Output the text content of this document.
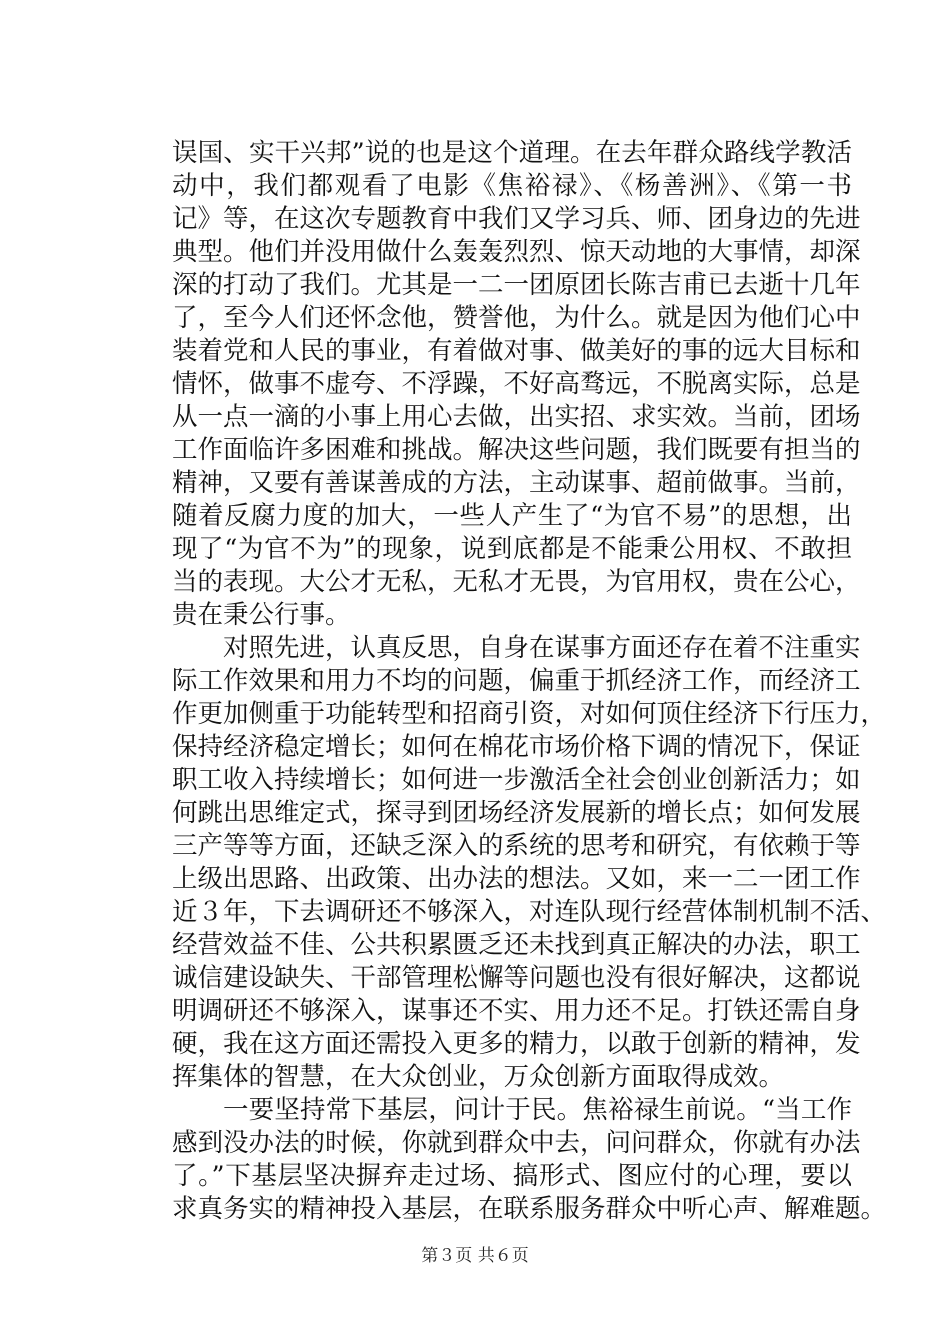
误国、实干兴邦”说的也是这个道理。在去年群众路线学教活
动中，我们都观看了电影《焦裕禄》、《杨善洲》、《第一书
记》等，在这次专题教育中我们又学习兵、师、团身边的先进
典型。他们并没用做什么轰轰烈烈、惊天动地的大事情，却深
深的打动了我们。尤其是一二一团原团长陈吉甫已去逝十几年
了，至今人们还怀念他，赞誉他，为什么。就是因为他们心中
装着党和人民的事业，有着做对事、做美好的事的远大目标和
情怀，做事不虚夸、不浮躁，不好高骛远，不脱离实际，总是
从一点一滴的小事上用心去做，出实招、求实效。当前，团场
工作面临许多困难和挑战。解决这些问题，我们既要有担当的
精神，又要有善谋善成的方法，主动谋事、超前做事。当前，
随着反腐力度的加大，一些人产生了“为官不易”的思想，出
现了“为官不为”的现象，说到底都是不能秉公用权、不敢担
当的表现。大公才无私，无私才无畏，为官用权，贵在公心，
贵在秉公行事。
对照先进，认真反思，自身在谋事方面还存在着不注重实
际工作效果和用力不均的问题，偏重于抓经济工作，而经济工
作更加侧重于功能转型和招商引资，对如何顶住经济下行压力，
保持经济稳定增长；如何在棉花市场价格下调的情况下，保证
职工收入持续增长；如何进一步激活全社会创业创新活力；如
何跳出思维定式，探寻到团场经济发展新的增长点；如何发展
三产等等方面，还缺乏深入的系统的思考和研究，有依赖于等
上级出思路、出政策、出办法的想法。又如，来一二一团工作
近３年，下去调研还不够深入，对连队现行经营体制机制不活、
经营效益不佳、公共积累匮乏还未找到真正解决的办法，职工
诚信建设缺失、干部管理松懈等问题也没有很好解决，这都说
明调研还不够深入，谋事还不实、用力还不足。打铁还需自身
硬，我在这方面还需投入更多的精力，以敢于创新的精神，发
挥集体的智慧，在大众创业，万众创新方面取得成效。
一要坚持常下基层，问计于民。焦裕禄生前说。“当工作
感到没办法的时候，你就到群众中去，问问群众，你就有办法
了。”下基层坚决摒弃走过场、搞形式、图应付的心理，要以
求真务实的精神投入基层，在联系服务群众中听心声、解难题。
第３页 共６页
